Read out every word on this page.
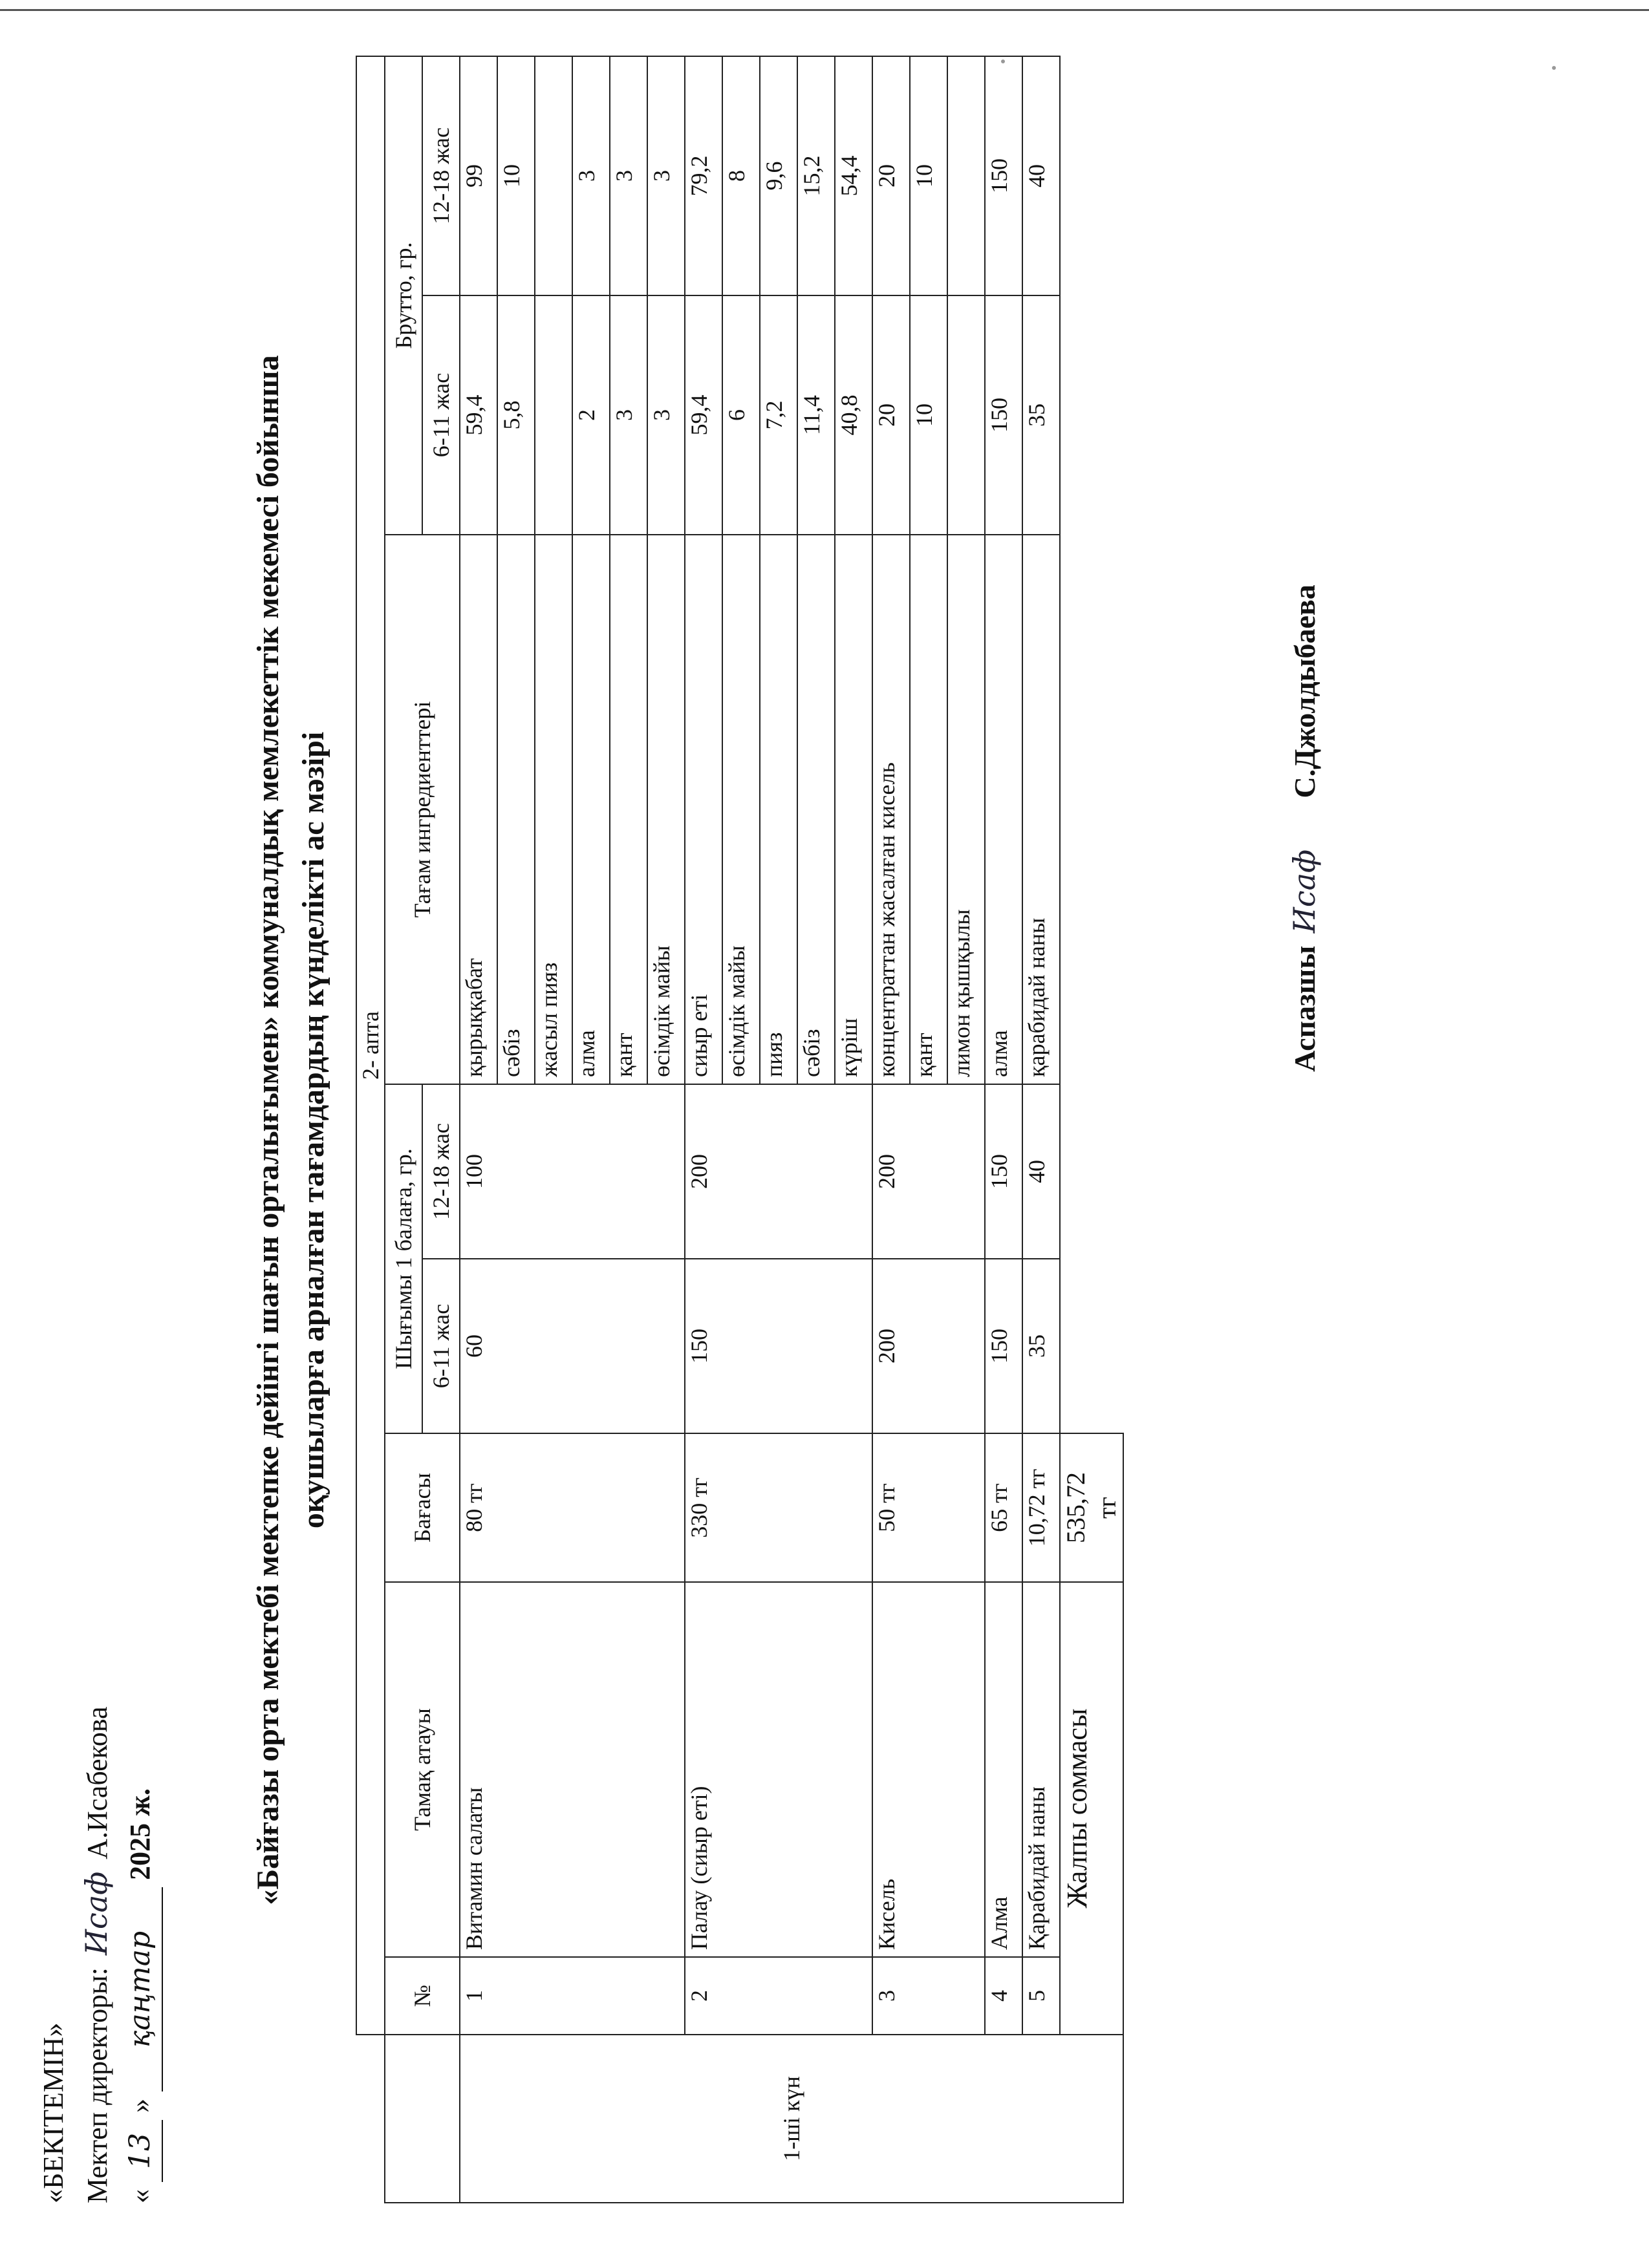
«БЕКІТЕМІН» Мектеп директоры: Исаф А.Исабекова
« 13 » қаңтар 2025 ж.	«Байғазы орта мектебі мектепке дейінгі шағын орталығымен» коммуналдық мемлекеттік мекемесі бойынша оқушыларға арналған тағамдардың күнделікті ас мәзірі
	2- апта							
	№	Тамақ атауы	Бағасы	Шығымы 1 балаға, гр.		Тағам ингредиенттері	Брутто, гр.	
				6-11 жас	12-18 жас		6-11 жас	12-18 жас
1-ші күн	1	Витамин салаты	80 тг	60	100	қырыққабат	59,4	99
						сәбіз	5,8	10
						жасыл пияз		
						алма	2	3
						қант	3	3
						өсімдік майы	3	3
	2	Палау (сиыр еті)	330 тг	150	200	сиыр еті	59,4	79,2
						өсімдік майы	6	8
						пияз	7,2	9,6
						сәбіз	11,4	15,2
						күріш	40,8	54,4
	3	Кисель	50 тг	200	200	концентраттан жасалған кисель	20	20
						қант	10	10
						лимон қышқылы		
	4	Алма	65 тг	150	150	алма	150	150
	5	Қарабидай наны	10,72 тг	35	40	қарабидай наны	35	40
	Жалпы соммасы		535,72 тг					

Аспазшы Исаф С.Джолдыбаева
